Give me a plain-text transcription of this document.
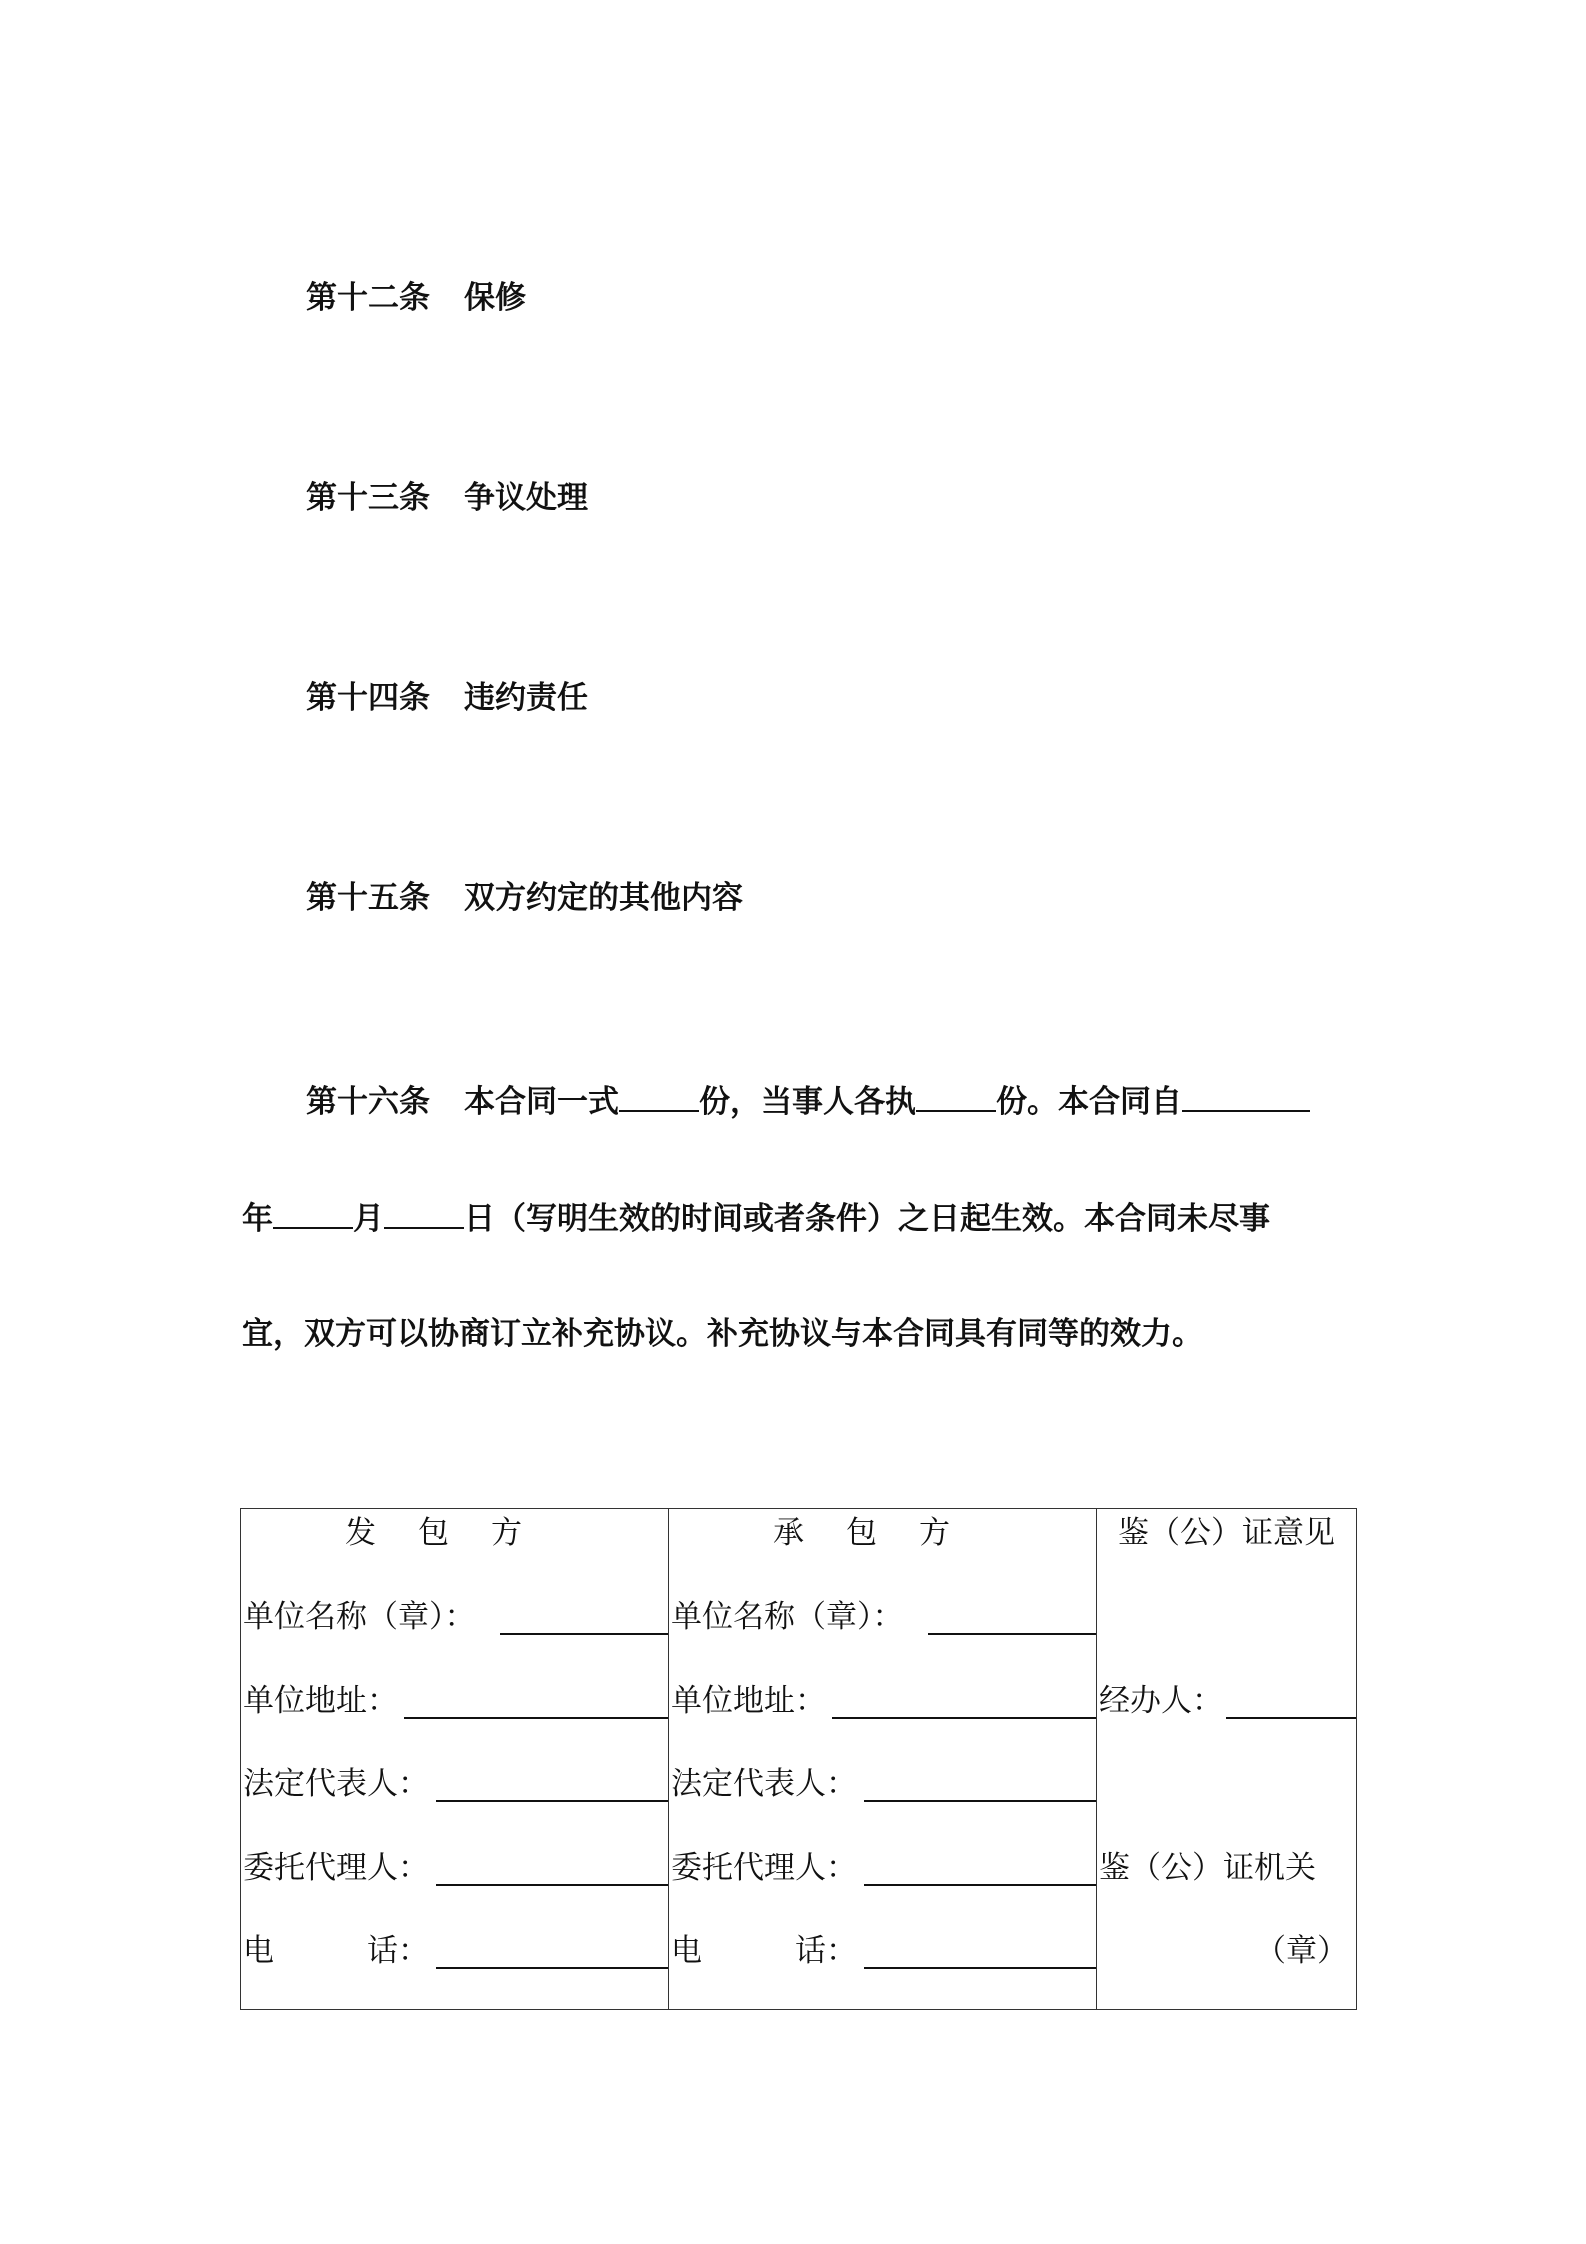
第十二条 保修
第十三条 争议处理
第十四条 违约责任
第十五条 双方约定的其他内容
第十六条 本合同一式	份，当事人各执	份。本合同自
年	月	日（写明生效的时间或者条件）之日起生效。本合同未尽事
宜，双方可以协商订立补充协议。补充协议与本合同具有同等的效力。
发包方
单位名称（章）：
单位地址：
法定代表人：
委托代理人：
电　　　话：

承包方
单位名称（章）：
单位地址：
法定代表人：
委托代理人：
电　　　话：

鉴（公）证意见
经办人：
鉴（公）证机关
（章）
